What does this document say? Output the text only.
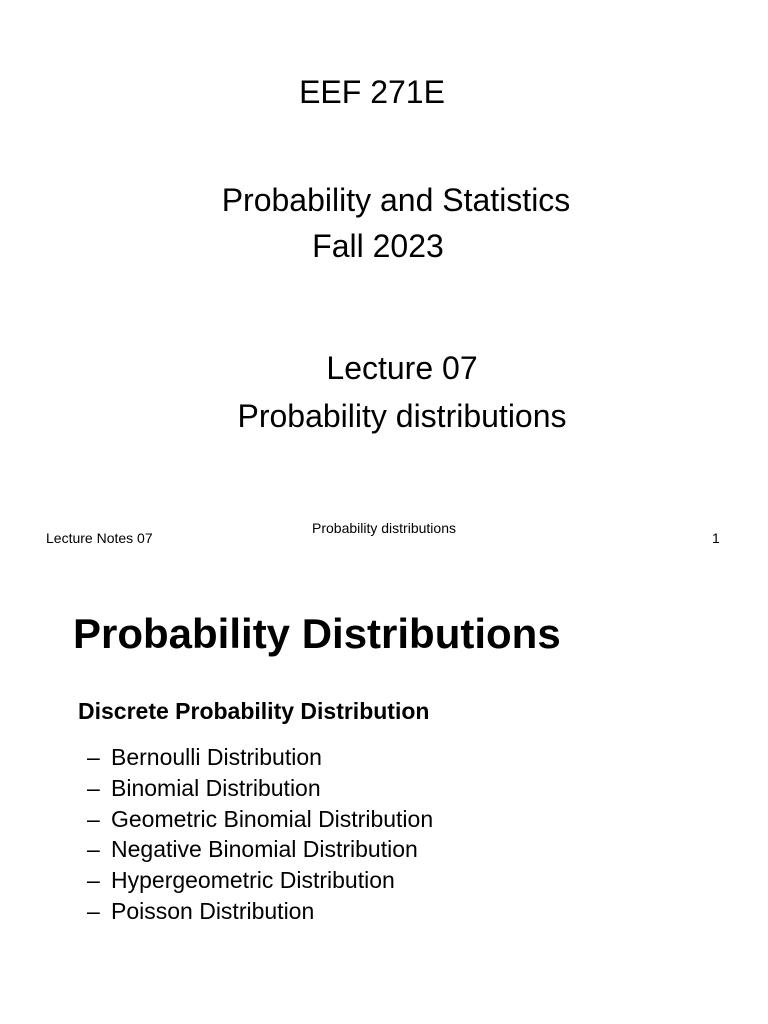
EEF 271E
Probability and Statistics
Fall 2023
Lecture 07
Probability distributions
Lecture Notes 07
Probability distributions
1
Probability Distributions
Discrete Probability Distribution
– Bernoulli Distribution
– Binomial Distribution
– Geometric Binomial Distribution
– Negative Binomial Distribution
– Hypergeometric Distribution
– Poisson Distribution
